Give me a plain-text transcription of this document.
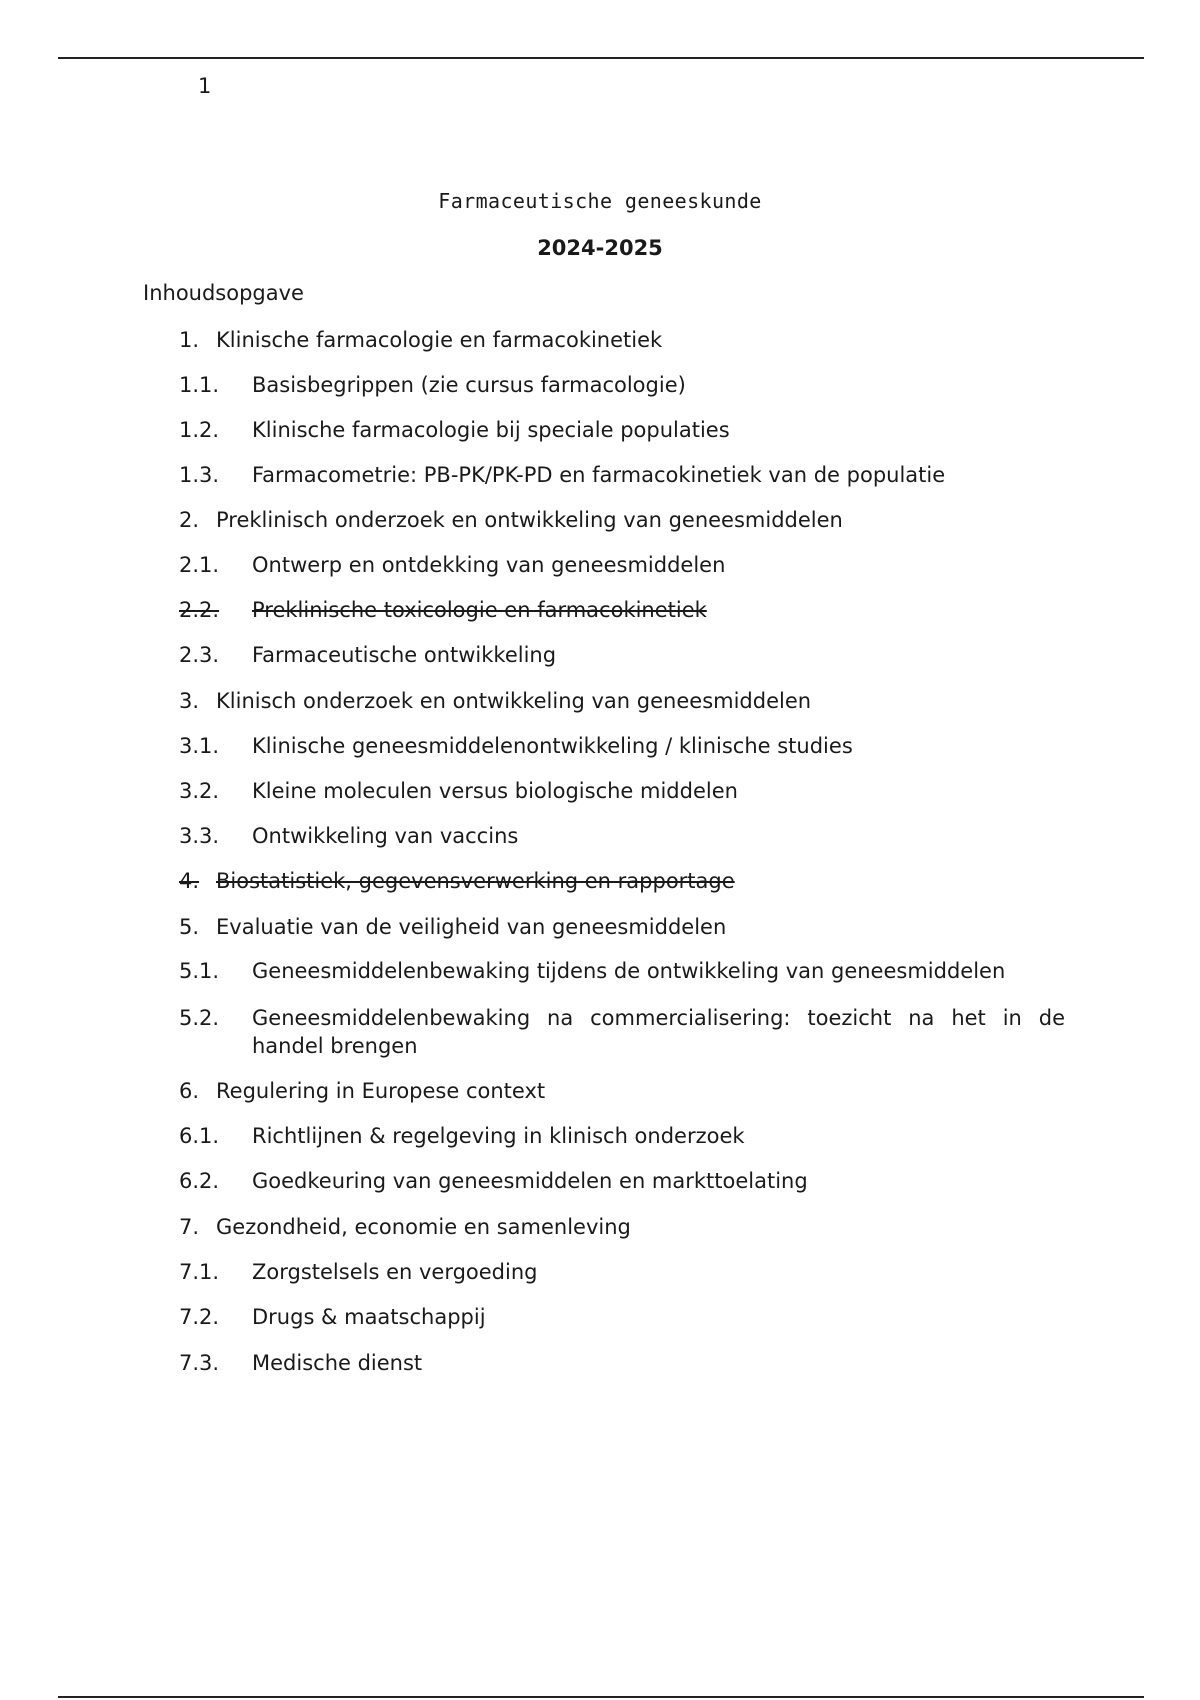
1
Farmaceutische geneeskunde
2024-2025
Inhoudsopgave
1. Klinische farmacologie en farmacokinetiek
1.1. Basisbegrippen (zie cursus farmacologie)
1.2. Klinische farmacologie bij speciale populaties
1.3. Farmacometrie: PB-PK/PK-PD en farmacokinetiek van de populatie
2. Preklinisch onderzoek en ontwikkeling van geneesmiddelen
2.1. Ontwerp en ontdekking van geneesmiddelen
2.2. Preklinische toxicologie en farmacokinetiek
2.3. Farmaceutische ontwikkeling
3. Klinisch onderzoek en ontwikkeling van geneesmiddelen
3.1. Klinische geneesmiddelenontwikkeling / klinische studies
3.2. Kleine moleculen versus biologische middelen
3.3. Ontwikkeling van vaccins
4. Biostatistiek, gegevensverwerking en rapportage
5. Evaluatie van de veiligheid van geneesmiddelen
5.1. Geneesmiddelenbewaking tijdens de ontwikkeling van geneesmiddelen
5.2. Geneesmiddelenbewaking na commercialisering: toezicht na het in de handel brengen
6. Regulering in Europese context
6.1. Richtlijnen & regelgeving in klinisch onderzoek
6.2. Goedkeuring van geneesmiddelen en markttoelating
7. Gezondheid, economie en samenleving
7.1. Zorgstelsels en vergoeding
7.2. Drugs & maatschappij
7.3. Medische dienst
